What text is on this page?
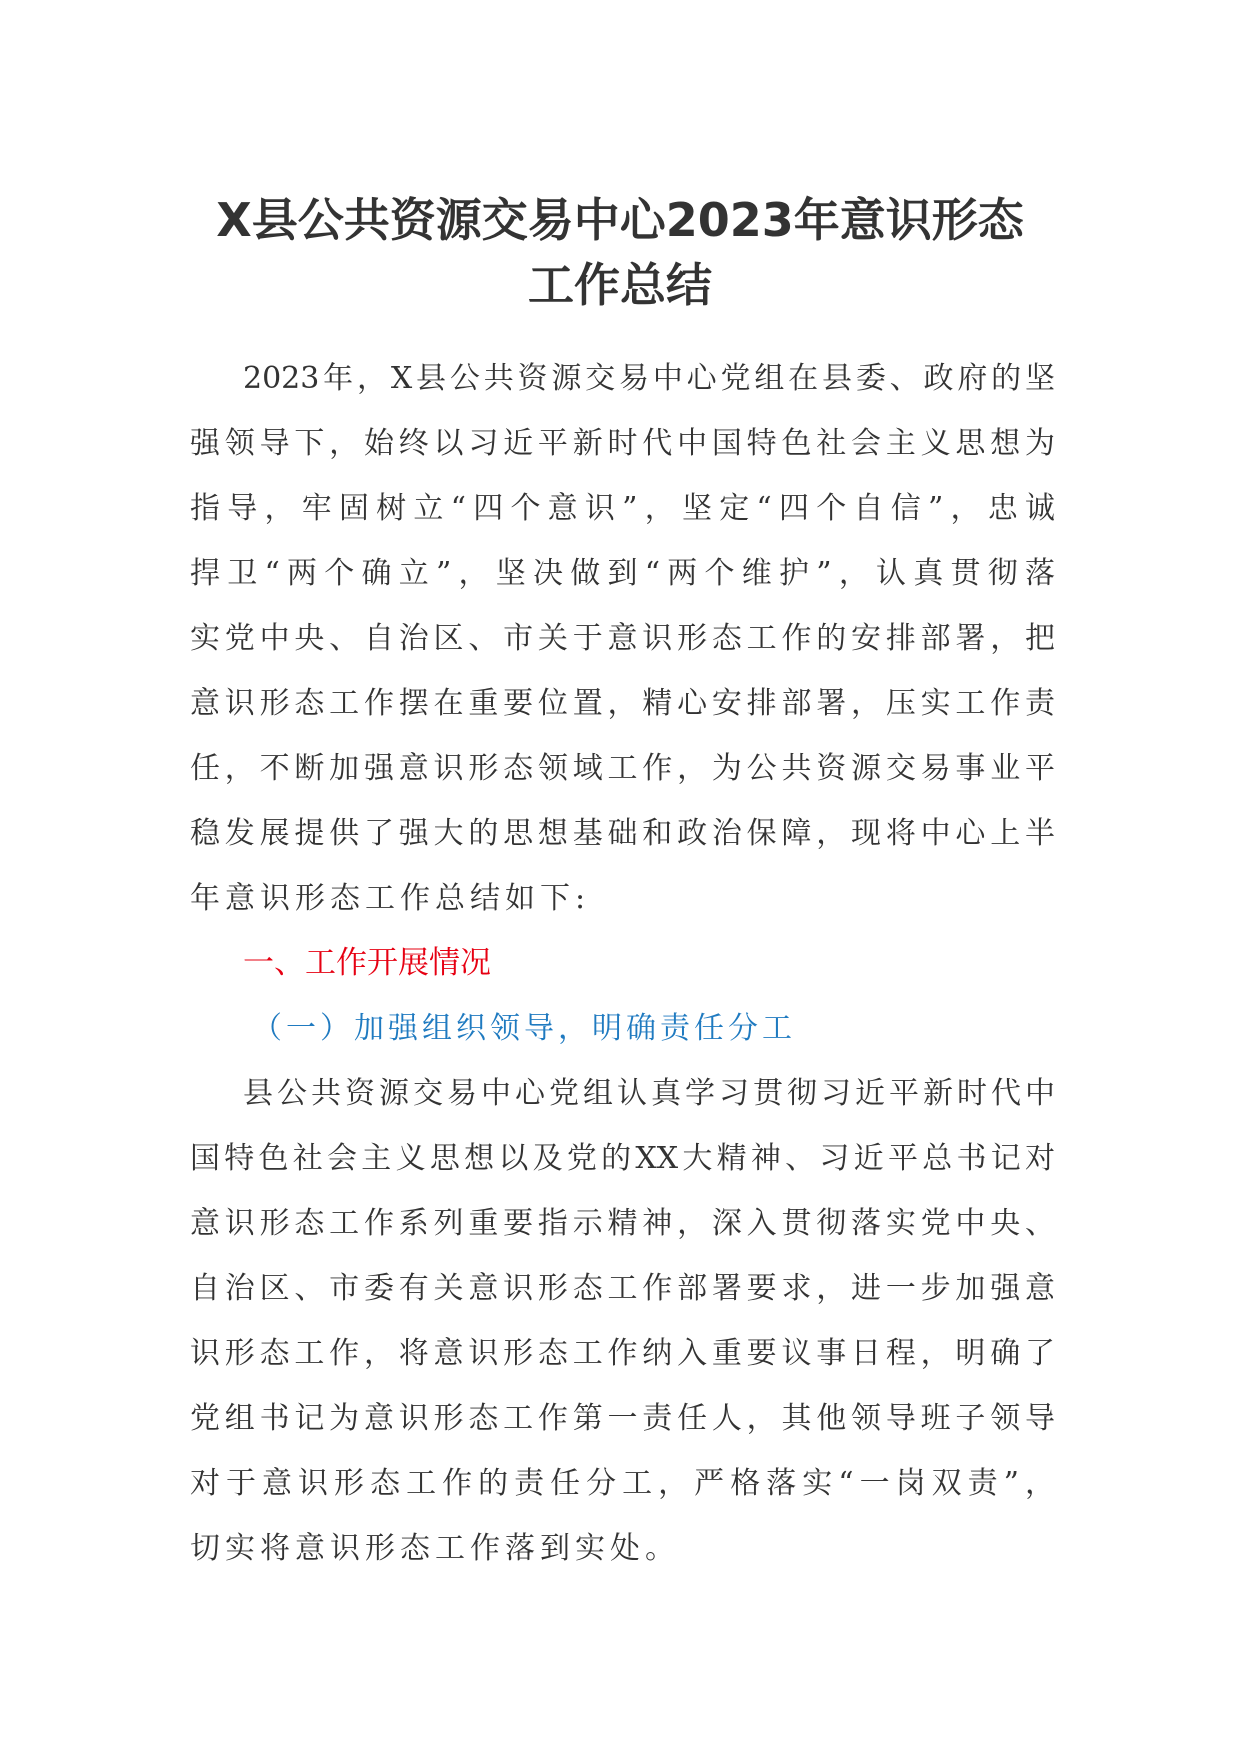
X县公共资源交易中心2023年意识形态
工作总结
2023年，X县公共资源交易中心党组在县委、政府的坚
强领导下，始终以习近平新时代中国特色社会主义思想为
指导，牢固树立“四个意识”，坚定“四个自信”，忠诚
捍卫“两个确立”，坚决做到“两个维护”，认真贯彻落
实党中央、自治区、市关于意识形态工作的安排部署，把
意识形态工作摆在重要位置，精心安排部署，压实工作责
任，不断加强意识形态领域工作，为公共资源交易事业平
稳发展提供了强大的思想基础和政治保障，现将中心上半
年意识形态工作总结如下:
一、工作开展情况
（一）加强组织领导，明确责任分工
县公共资源交易中心党组认真学习贯彻习近平新时代中
国特色社会主义思想以及党的XX大精神、习近平总书记对
意识形态工作系列重要指示精神，深入贯彻落实党中央、
自治区、市委有关意识形态工作部署要求，进一步加强意
识形态工作，将意识形态工作纳入重要议事日程，明确了
党组书记为意识形态工作第一责任人，其他领导班子领导
对于意识形态工作的责任分工，严格落实“一岗双责”，
切实将意识形态工作落到实处。
